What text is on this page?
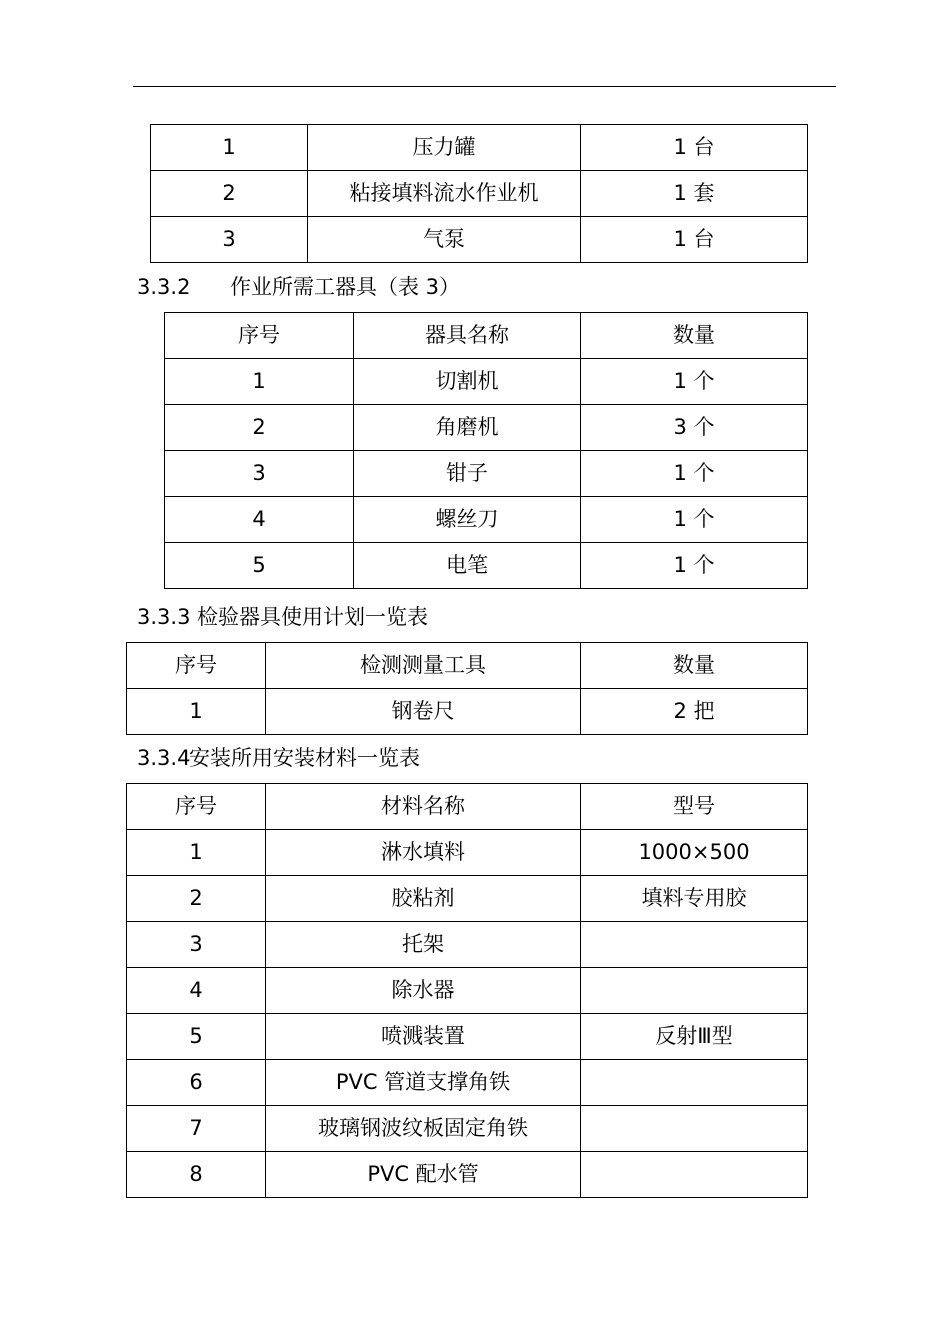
1	压力罐	1 台
2	粘接填料流水作业机	1 套
3	气泵	1 台
3.3.2 作业所需工器具（表 3）
序号	器具名称	数量
1	切割机	1 个
2	角磨机	3 个
3	钳子	1 个
4	螺丝刀	1 个
5	电笔	1 个
3.3.3 检验器具使用计划一览表
序号	检测测量工具	数量
1	钢卷尺	2 把
3.3.4安装所用安装材料一览表
序号	材料名称	型号
1	淋水填料	1000×500
2	胶粘剂	填料专用胶
3	托架	
4	除水器	
5	喷溅装置	反射Ⅲ型
6	PVC 管道支撑角铁	
7	玻璃钢波纹板固定角铁	
8	PVC 配水管	
